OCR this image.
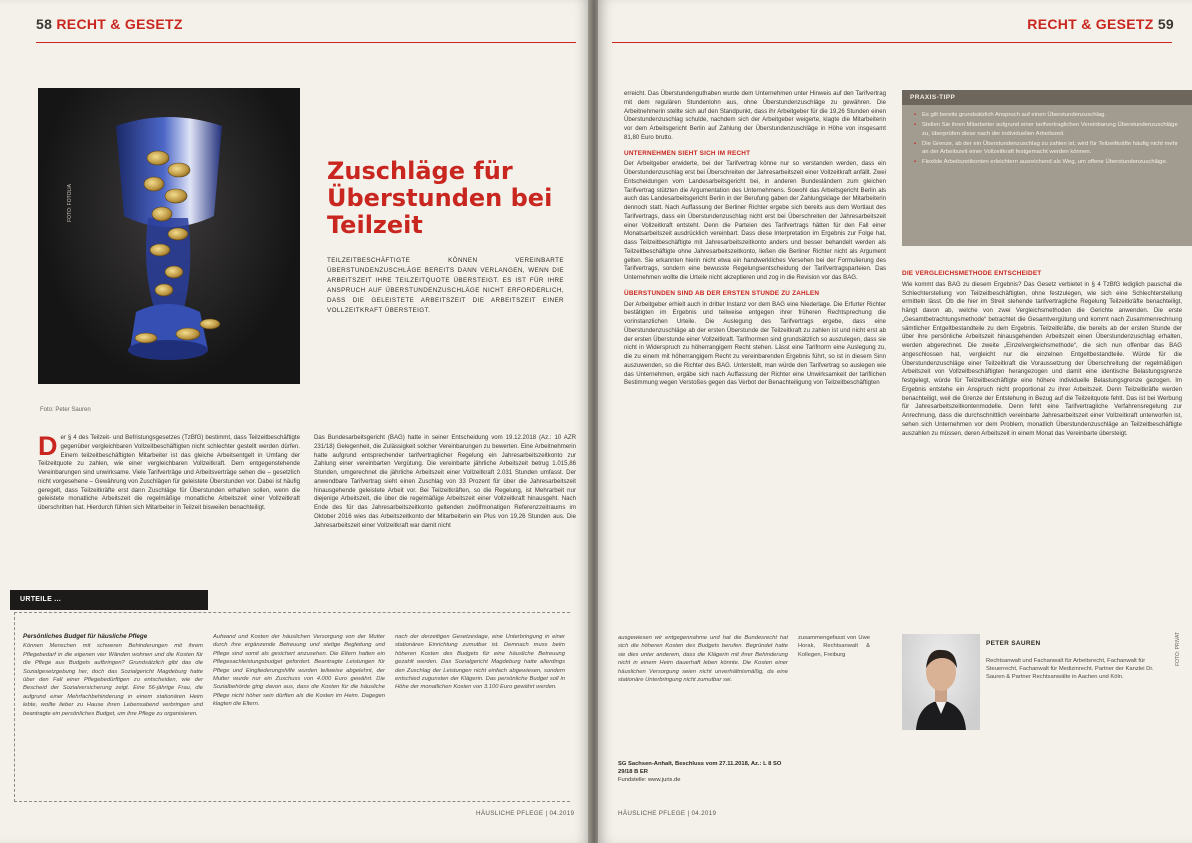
58 RECHT & GESETZ
FOTO: FOTOLIA
Foto: Peter Sauren
Zuschläge für Überstunden bei Teilzeit
TEILZEITBESCHÄFTIGTE KÖNNEN VEREINBARTE ÜBERSTUNDENZUSCHLÄGE BEREITS DANN VERLANGEN, WENN DIE ARBEITSZEIT IHRE TEILZEITQUOTE ÜBERSTEIGT. ES IST FÜR IHRE ANSPRUCH AUF ÜBERSTUNDENZUSCHLÄGE NICHT ERFORDERLICH, DASS DIE GELEISTETE ARBEITSZEIT DIE ARBEITSZEIT EINER VOLLZEITKRAFT ÜBERSTEIGT.
Der § 4 des Teilzeit- und Befristungsgesetzes (TzBfG) bestimmt, dass Teilzeitbeschäftigte gegenüber vergleichbaren Vollzeitbeschäftigten nicht schlechter gestellt werden dürfen. Einem teilzeitbeschäftigten Mitarbeiter ist das gleiche Arbeitsentgelt in Umfang der Teilzeitquote zu zahlen, wie einer vergleichbaren Vollzeitkraft. Dem entgegenstehende Vereinbarungen sind unwirksame. Viele Tarifverträge und Arbeitsverträge sehen die – gesetzlich nicht vorgesehene – Gewährung von Zuschlägen für geleistete Überstunden vor. Dabei ist häufig geregelt, dass Teilzeitkräfte erst dann Zuschläge für Überstunden erhalten sollen, wenn die geleistete monatliche Arbeitszeit die regelmäßige monatliche Arbeitszeit einer Vollzeitkraft überschritten hat. Hierdurch fühlen sich Mitarbeiter in Teilzeit bisweilen benachteiligt.
Das Bundesarbeitsgericht (BAG) hatte in seiner Entscheidung vom 19.12.2018 (Az.: 10 AZR 231/18) Gelegenheit, die Zulässigkeit solcher Vereinbarungen zu bewerten. Eine Arbeitnehmerin hatte aufgrund entsprechender tarifvertraglicher Regelung ein Jahresarbeitszeitkonto zur Zahlung einer vereinbarten Vergütung. Die vereinbarte jährliche Arbeitszeit betrug 1.015,86 Stunden, umgerechnet die jährliche Arbeitszeit einer Vollzeitkraft 2.031 Stunden umfasst. Der anwendbare Tarifvertrag sieht einen Zuschlag von 33 Prozent für über die Jahresarbeitszeit hinausgehende geleistete Arbeit vor. Bei Teilzeitkräften, so die Regelung, ist Mehrarbeit nur diejenige Arbeitszeit, die über die regelmäßige Arbeitszeit einer Vollzeitkraft hinausgeht. Nach Ende des für das Jahresarbeitszeitkonto geltenden zwölfmonatigen Referenzzeitraums im Oktober 2016 wies das Arbeitszeitkonto der Mitarbeiterin ein Plus von 19,26 Stunden aus. Die Jahresarbeitszeit einer Vollzeitkraft war damit nicht
URTEILE ...
Persönliches Budget für häusliche Pflege
Können Menschen mit schweren Behinderungen mit ihrem Pflegebedarf in die eigenen vier Wänden wohnen und die Kosten für die Pflege aus Budgets aufbringen? Grundsätzlich gibt das die Sozialgesetzgebung her, doch das Sozialgericht Magdeburg hatte über den Fall einer Pflegebedürftigen zu entscheiden, wie der Bescheid der Sozialversicherung zeigt. Eine 56-jährige Frau, die aufgrund einer Mehrfachbehinderung in einem stationären Heim lebte, wollte lieber zu Hause ihren Lebensabend verbringen und beantragte ein persönliches Budget, um ihre Pflege zu organisieren.
Aufwand und Kosten der häuslichen Versorgung von der Mutter durch ihre ergänzende Betreuung und stetige Begleitung und Pflege sind somit als gesichert anzusehen. Die Eltern hatten ein Pflegesachleistungsbudget gefordert. Beantragte Leistungen für Pflege und Eingliederungshilfe wurden teilweise abgelehnt, der Mutter wurde nur ein Zuschuss von 4.000 Euro gewährt. Die Sozialbehörde ging davon aus, dass die Kosten für die häusliche Pflege nicht höher sein dürften als die Kosten im Heim. Dagegen klagten die Eltern.
nach der derzeitigen Gesetzeslage, eine Unterbringung in einer stationären Einrichtung zumutbar ist. Demnach muss beim höheren Kosten des Budgets für eine häusliche Betreuung gezahlt werden. Das Sozialgericht Magdeburg hatte allerdings den Zuschlag der Leistungen nicht einfach abgewiesen, sondern entschied zugunsten der Klägerin. Das persönliche Budget soll in Höhe der monatlichen Kosten von 3.100 Euro gewährt werden.
HÄUSLICHE PFLEGE | 04.2019
RECHT & GESETZ 59
erreicht. Das Überstundenguthaben wurde dem Unternehmen unter Hinweis auf den Tarifvertrag mit dem regulären Stundenlohn aus, ohne Überstundenzuschläge zu gewähren. Die Arbeitnehmerin stellte sich auf den Standpunkt, dass ihr Arbeitgeber für die 19,26 Stunden einen Überstundenzuschlag schulde, nachdem sich der Arbeitgeber weigerte, klagte die Mitarbeiterin vor dem Arbeitsgericht Berlin auf Zahlung der Überstundenzuschläge in Höhe von insgesamt 81,80 Euro brutto.
UNTERNEHMEN SIEHT SICH IM RECHT
Der Arbeitgeber erwiderte, bei der Tarifvertrag könne nur so verstanden werden, dass ein Überstundenzuschlag erst bei Überschreiten der Jahresarbeitszeit einer Vollzeitkraft anfällt. Zwei Entscheidungen vom Landesarbeitsgericht bei, in anderen Bundesländern zum gleichen Tarifvertrag stützten die Argumentation des Unternehmens. Sowohl das Arbeitsgericht Berlin als auch das Landesarbeitsgericht Berlin in der Berufung gaben der Zahlungsklage der Mitarbeiterin dennoch statt. Nach Auffassung der Berliner Richter ergebe sich bereits aus dem Wortlaut des Tarifvertrags, dass ein Überstundenzuschlag nicht erst bei Überschreiten der Jahresarbeitszeit einer Vollzeitkraft entsteht. Denn die Parteien des Tarifvertrags hätten für den Fall einer Monatsarbeitszeit ausdrücklich vereinbart. Dass diese Interpretation im Ergebnis zur Folge hat, dass Teilzeitbeschäftigte mit Jahresarbeitszeitkonto anders und besser behandelt werden als Teilzeitbeschäftigte ohne Jahresarbeitszeitkonto, ließen die Berliner Richter nicht als Argument gelten. Sie erkannten hierin nicht etwa ein handwerkliches Versehen bei der Formulierung des Tarifvertrags, sondern eine bewusste Regelungsentscheidung der Tarifvertragsparteien. Das Unternehmen wollte die Urteile nicht akzeptieren und zog in die Revision vor das BAG.
ÜBERSTUNDEN SIND AB DER ERSTEN STUNDE ZU ZAHLEN
Der Arbeitgeber erhielt auch in dritter Instanz vor dem BAG eine Niederlage. Die Erfurter Richter bestätigten im Ergebnis und teilweise entgegen ihrer früheren Rechtsprechung die vorinstanzlichen Urteile. Die Auslegung des Tarifvertrags ergebe, dass eine Überstundenzuschläge ab der ersten Überstunde der Teilzeitkraft zu zahlen ist und nicht erst ab der ersten Überstunde einer Vollzeitkraft. Tarifnormen sind grundsätzlich so auszulegen, dass sie nicht in Widerspruch zu höherrangigem Recht stehen. Lässt eine Tarifnorm eine Auslegung zu, die zu einem mit höherrangigem Recht zu vereinbarenden Ergebnis führt, so ist in diesem Sinn auszuwenden, so die Richter des BAG. Unterstellt, man würde den Tarifvertrag so auslegen wie das Unternehmen, ergäbe sich nach Auffassung der Richter eine Unwirksamkeit der tariflichen Bestimmung wegen Verstoßes gegen das Verbot der Benachteiligung von Teilzeitbeschäftigten
PRAXIS-TIPP
• Es gilt bereits grundsätzlich Anspruch auf einen Überstundenzuschlag.
• Stellen Sie ihren Mitarbeiter aufgrund einer tarifvertraglichen Vereinbarung Überstundenzuschläge zu, überprüfen diese nach der individuellen Arbeitszeit.
• Die Grenze, ab der ein Überstundenzuschlag zu zahlen ist, wird für Teilzeitkräfte häufig nicht mehr an der Arbeitszeit einer Vollzeitkraft festgemacht werden können.
• Flexible Arbeitszeitkonten erleichtern ausreichend als Weg, um offene Überstundenzuschläge.
DIE VERGLEICHSMETHODE ENTSCHEIDET
Wie kommt das BAG zu diesem Ergebnis? Das Gesetz verbietet in § 4 TzBfG lediglich pauschal die Schlechterstellung von Teilzeitbeschäftigten, ohne festzulegen, wie sich eine Schlechterstellung ermitteln lässt. Ob die hier im Streit stehende tarifvertragliche Regelung Teilzeitkräfte benachteiligt, hängt davon ab, welche von zwei Vergleichsmethoden die Gerichte anwenden. Die erste „Gesamtbetrachtungsmethode“ betrachtet die Gesamtvergütung und kommt nach Zusammenrechnung sämtlicher Entgeltbestandteile zu dem Ergebnis. Teilzeitkräfte, die bereits ab der ersten Stunde der über ihre persönliche Arbeitszeit hinausgehenden Arbeitszeit einen Überstundenzuschlag erhalten, werden abgerechnet. Die zweite „Einzelvergleichsmethode“, die sich nun offenbar das BAG angeschlossen hat, vergleicht nur die einzelnen Entgeltbestandteile. Würde für die Überstundenzuschläge einer Teilzeitkraft die Voraussetzung der Überschreitung der regelmäßigen Arbeitszeit von Vollzeitbeschäftigten herangezogen und damit eine identische Belastungsgrenze festgelegt, würde für Teilzeitbeschäftigte eine höhere individuelle Belastungsgrenze gezogen. Im Ergebnis entstehe ein Anspruch nicht proportional zu ihrer Arbeitszeit. Denn Teilzeitkräfte werden benachteiligt, weil die Grenze der Entstehung in Bezug auf die Teilzeitquote fehlt. Das ist bei Werbung für Jahresarbeitszeitkontenmodelle. Denn fehlt eine Tarifvertragliche Verfahrensregelung zur Anrechnung, dass die durchschnittlich vereinbarte Jahresarbeitszeit einer Vollzeitkraft unterworfen ist, sehen sich Unternehmen vor dem Problem, monatlich Überstundenzuschläge an Teilzeitbeschäftigte auszahlen zu müssen, deren Arbeitszeit in einem Monat das Vereinbarte übersteigt.
ausgewiesen wir entgegennahme und hat die Bundesrecht hat sich die höheren Kosten des Budgets berufen. Begründet hatte sie dies unter anderem, dass die Klägerin mit ihrer Behinderung nicht in einem Heim dauerhaft leben könnte. Die Kosten einer häuslichen Versorgung seien nicht unverhältnismäßig, da eine stationäre Unterbringung nicht zumutbar sei.
SG Sachsen-Anhalt, Beschluss vom 27.11.2018, Az.: L 8 SO 29/18 B ER
Fundstelle: www.juris.de
zusammengefasst von Uwe Horak, Rechtsanwalt & Kollegen, Freiburg
PETER SAUREN
Rechtsanwalt und Fachanwalt für Arbeitsrecht, Fachanwalt für Steuerrecht, Fachanwalt für Medizinrecht. Partner der Kanzlei Dr. Sauren & Partner Rechtsanwälte in Aachen und Köln.
FOTO: PRIVAT
HÄUSLICHE PFLEGE | 04.2019
